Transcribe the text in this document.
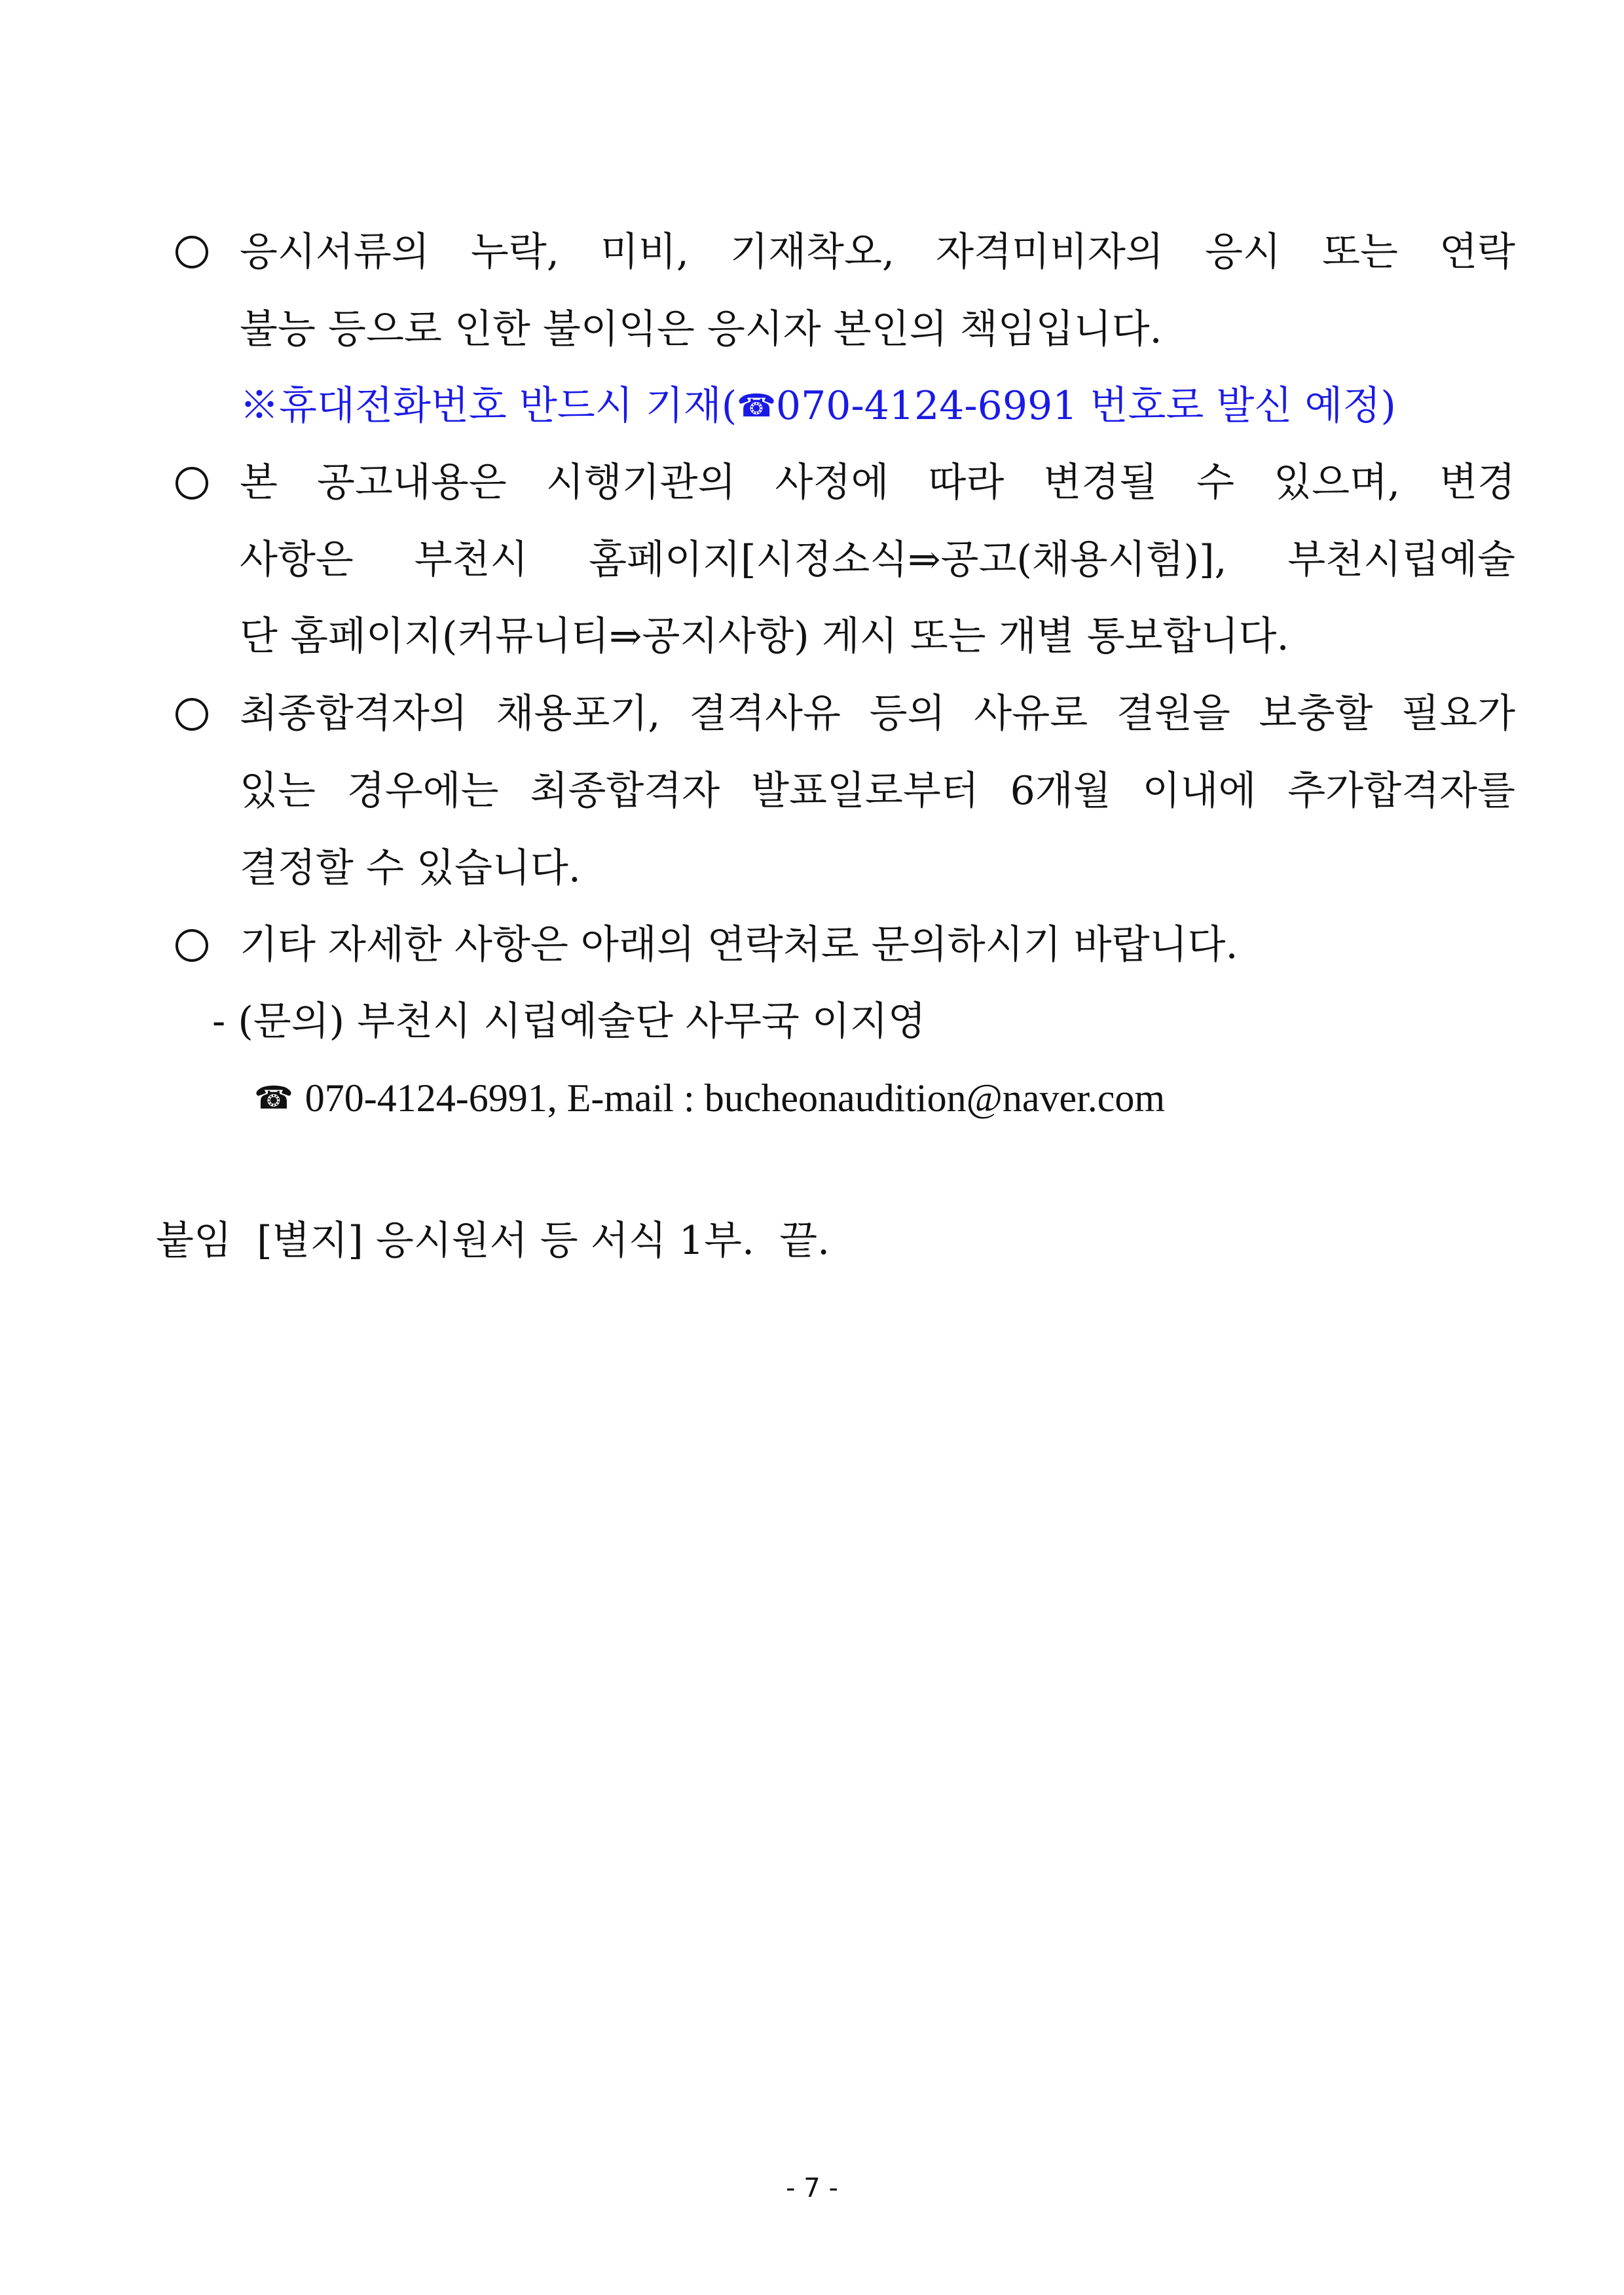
응시서류의 누락, 미비, 기재착오, 자격미비자의 응시 또는 연락
불능 등으로 인한 불이익은 응시자 본인의 책임입니다.
※휴대전화번호 반드시 기재(☎070-4124-6991 번호로 발신 예정)
본 공고내용은 시행기관의 사정에 따라 변경될 수 있으며, 변경
사항은 부천시 홈페이지[시정소식⇒공고(채용시험)], 부천시립예술
단 홈페이지(커뮤니티⇒공지사항) 게시 또는 개별 통보합니다.
최종합격자의 채용포기, 결격사유 등의 사유로 결원을 보충할 필요가
있는 경우에는 최종합격자 발표일로부터 6개월 이내에 추가합격자를
결정할 수 있습니다.
기타 자세한 사항은 아래의 연락처로 문의하시기 바랍니다.
- (문의) 부천시 시립예술단 사무국 이지영
☎ 070-4124-6991, E-mail : bucheonaudition@naver.com
붙임  [별지] 응시원서 등 서식 1부.  끝.
- 7 -
